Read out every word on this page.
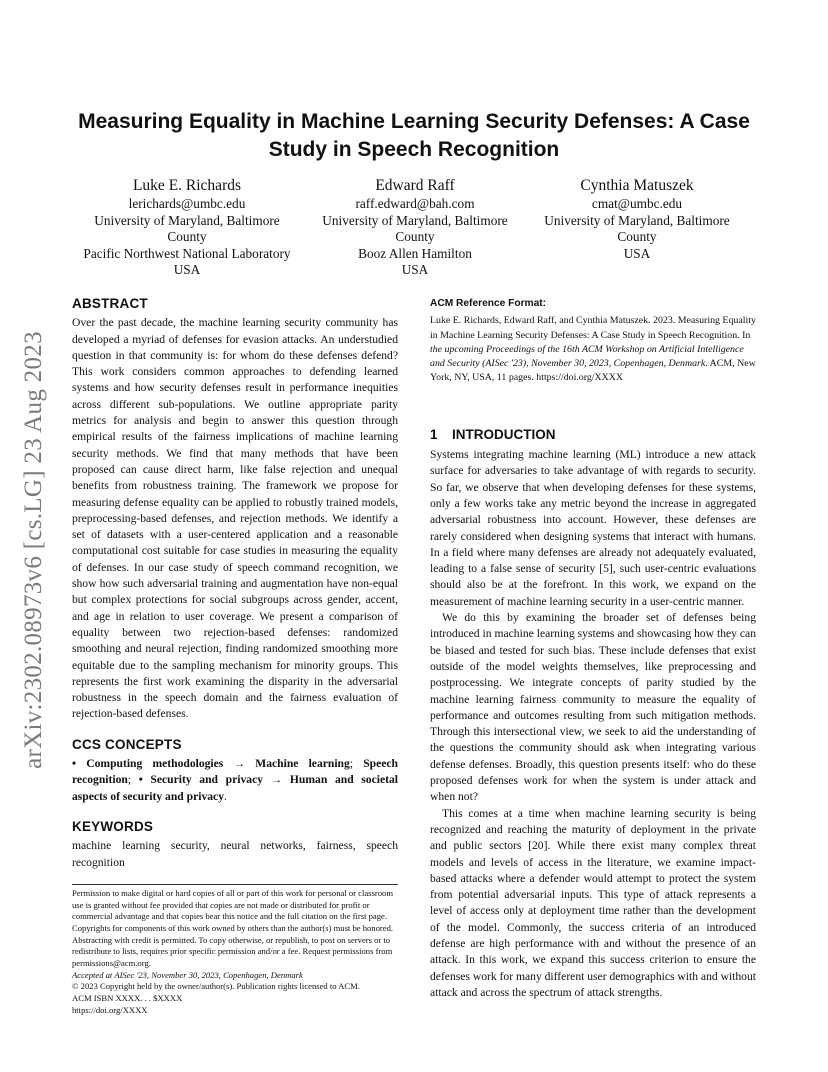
arXiv:2302.08973v6 [cs.LG] 23 Aug 2023
Measuring Equality in Machine Learning Security Defenses: A Case Study in Speech Recognition
Luke E. Richards
lerichards@umbc.edu
University of Maryland, Baltimore County
Pacific Northwest National Laboratory
USA
Edward Raff
raff.edward@bah.com
University of Maryland, Baltimore County
Booz Allen Hamilton
USA
Cynthia Matuszek
cmat@umbc.edu
University of Maryland, Baltimore County
USA
ABSTRACT

Over the past decade, the machine learning security community has developed a myriad of defenses for evasion attacks. An understudied question in that community is: for whom do these defenses defend? This work considers common approaches to defending learned systems and how security defenses result in performance inequities across different sub-populations. We outline appropriate parity metrics for analysis and begin to answer this question through empirical results of the fairness implications of machine learning security methods. We find that many methods that have been proposed can cause direct harm, like false rejection and unequal benefits from robustness training. The framework we propose for measuring defense equality can be applied to robustly trained models, preprocessing-based defenses, and rejection methods. We identify a set of datasets with a user-centered application and a reasonable computational cost suitable for case studies in measuring the equality of defenses. In our case study of speech command recognition, we show how such adversarial training and augmentation have non-equal but complex protections for social subgroups across gender, accent, and age in relation to user coverage. We present a comparison of equality between two rejection-based defenses: randomized smoothing and neural rejection, finding randomized smoothing more equitable due to the sampling mechanism for minority groups. This represents the first work examining the disparity in the adversarial robustness in the speech domain and the fairness evaluation of rejection-based defenses.

CCS CONCEPTS

• Computing methodologies → Machine learning; Speech recognition; • Security and privacy → Human and societal aspects of security and privacy.

KEYWORDS

machine learning security, neural networks, fairness, speech recognition

Permission to make digital or hard copies of all or part of this work for personal or classroom use is granted without fee provided that copies are not made or distributed for profit or commercial advantage and that copies bear this notice and the full citation on the first page. Copyrights for components of this work owned by others than the author(s) must be honored. Abstracting with credit is permitted. To copy otherwise, or republish, to post on servers or to redistribute to lists, requires prior specific permission and/or a fee. Request permissions from permissions@acm.org.
Accepted at AISec '23, November 30, 2023, Copenhagen, Denmark
© 2023 Copyright held by the owner/author(s). Publication rights licensed to ACM.
ACM ISBN XXXX. . . $XXXX
https://doi.org/XXXX
ACM Reference Format:
Luke E. Richards, Edward Raff, and Cynthia Matuszek. 2023. Measuring Equality in Machine Learning Security Defenses: A Case Study in Speech Recognition. In the upcoming Proceedings of the 16th ACM Workshop on Artificial Intelligence and Security (AISec '23), November 30, 2023, Copenhagen, Denmark. ACM, New York, NY, USA, 11 pages. https://doi.org/XXXX
1 INTRODUCTION

Systems integrating machine learning (ML) introduce a new attack surface for adversaries to take advantage of with regards to security. So far, we observe that when developing defenses for these systems, only a few works take any metric beyond the increase in aggregated adversarial robustness into account. However, these defenses are rarely considered when designing systems that interact with humans. In a field where many defenses are already not adequately evaluated, leading to a false sense of security [5], such user-centric evaluations should also be at the forefront. In this work, we expand on the measurement of machine learning security in a user-centric manner.

We do this by examining the broader set of defenses being introduced in machine learning systems and showcasing how they can be biased and tested for such bias. These include defenses that exist outside of the model weights themselves, like preprocessing and postprocessing. We integrate concepts of parity studied by the machine learning fairness community to measure the equality of performance and outcomes resulting from such mitigation methods. Through this intersectional view, we seek to aid the understanding of the questions the community should ask when integrating various defense defenses. Broadly, this question presents itself: who do these proposed defenses work for when the system is under attack and when not?

This comes at a time when machine learning security is being recognized and reaching the maturity of deployment in the private and public sectors [20]. While there exist many complex threat models and levels of access in the literature, we examine impact-based attacks where a defender would attempt to protect the system from potential adversarial inputs. This type of attack represents a level of access only at deployment time rather than the development of the model. Commonly, the success criteria of an introduced defense are high performance with and without the presence of an attack. In this work, we expand this success criterion to ensure the defenses work for many different user demographics with and without attack and across the spectrum of attack strengths.
